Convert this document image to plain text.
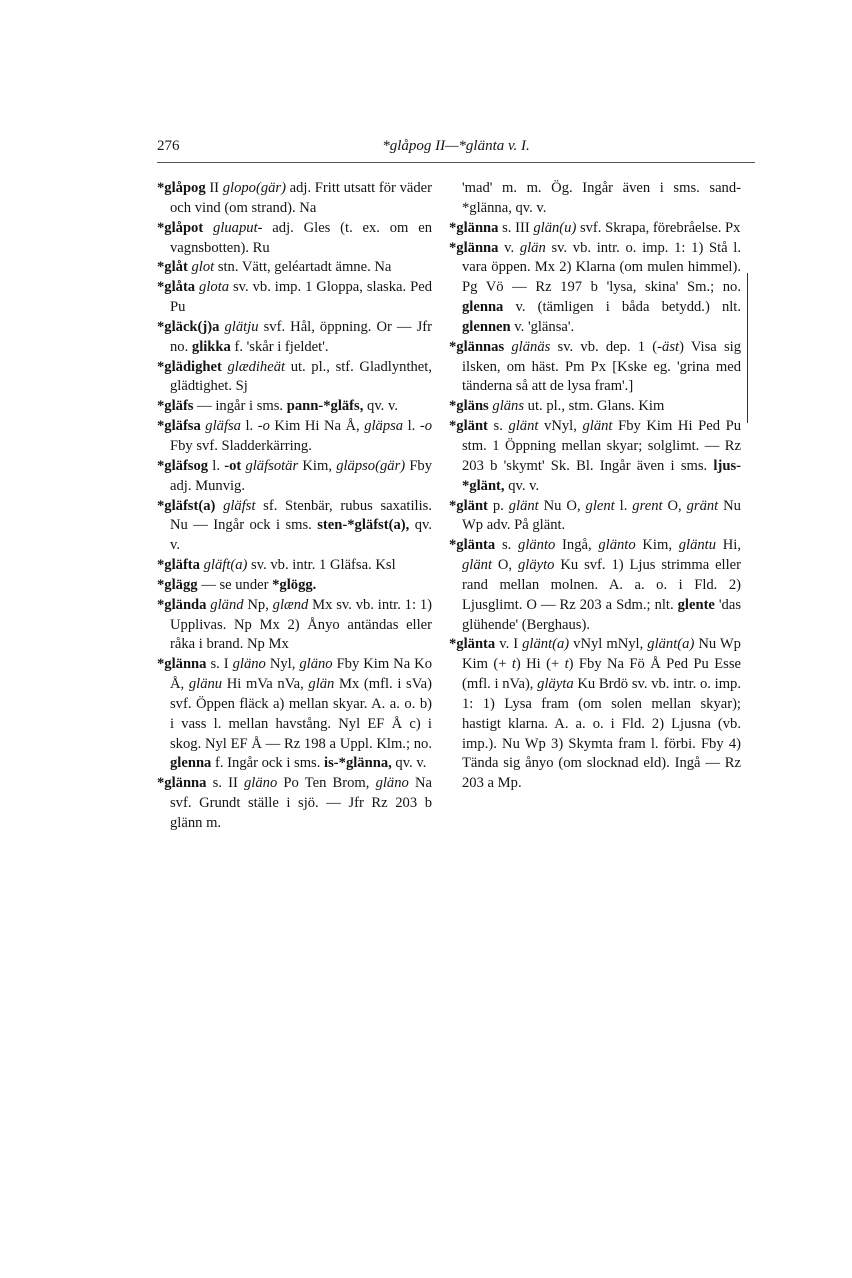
276	*glåpog II—*glänta v. I.

*glåpog II glopo(gär) adj. Fritt utsatt för väder och vind (om strand). Na

*glåpot gluaput- adj. Gles (t. ex. om en vagnsbotten). Ru

*glåt glot stn. Vätt, geléartadt ämne. Na

*glåta glota sv. vb. imp. 1 Gloppa, slaska. Ped Pu

*gläck(j)a glätju svf. Hål, öppning. Or — Jfr no. glikka f. 'skår i fjeldet'.

*glädighet glædiheät ut. pl., stf. Gladlynthet, glädtighet. Sj

*gläfs — ingår i sms. pann-*gläfs, qv. v.

*gläfsa gläfsa l. -o Kim Hi Na Å, gläpsa l. -o Fby svf. Sladderkärring.

*gläfsog l. -ot gläfsotär Kim, gläpso(gär) Fby adj. Munvig.

*gläfst(a) gläfst sf. Stenbär, rubus saxatilis. Nu — Ingår ock i sms. sten-*gläfst(a), qv. v.

*gläfta gläft(a) sv. vb. intr. 1 Gläfsa. Ksl

*glägg — se under *glögg.

*glända gländ Np, glænd Mx sv. vb. intr. 1: 1) Upplivas. Np Mx 2) Ånyo antändas eller råka i brand. Np Mx

*glänna s. I gläno Nyl, gläno Fby Kim Na Ko Å, glänu Hi mVa nVa, glän Mx (mfl. i sVa) svf. Öppen fläck a) mellan skyar. A. a. o. b) i vass l. mellan havstång. Nyl EF Å c) i skog. Nyl EF Å — Rz 198 a Uppl. Klm.; no. glenna f. Ingår ock i sms. is-*glänna, qv. v.

*glänna s. II gläno Po Ten Brom, gläno Na svf. Grundt ställe i sjö. — Jfr Rz 203 b glänn m.

'mad' m. m. Ög. Ingår även i sms. sand-*glänna, qv. v.

*glänna s. III glän(u) svf. Skrapa, förebråelse. Px

*glänna v. glän sv. vb. intr. o. imp. 1: 1) Stå l. vara öppen. Mx 2) Klarna (om mulen himmel). Pg Vö — Rz 197 b 'lysa, skina' Sm.; no. glenna v. (tämligen i båda betydd.) nlt. glennen v. 'glänsa'.

*glännas glänäs sv. vb. dep. 1 (-äst) Visa sig ilsken, om häst. Pm Px [Kske eg. 'grina med tänderna så att de lysa fram'.]

*gläns gläns ut. pl., stm. Glans. Kim

*glänt s. glänt vNyl, glänt Fby Kim Hi Ped Pu stm. 1 Öppning mellan skyar; solglimt. — Rz 203 b 'skymt' Sk. Bl. Ingår även i sms. ljus-*glänt, qv. v.

*glänt p. glänt Nu O, glent l. grent O, gränt Nu Wp adv. På glänt.

*glänta s. glänto Ingå, glänto Kim, gläntu Hi, glänt O, gläyto Ku svf. 1) Ljus strimma eller rand mellan molnen. A. a. o. i Fld. 2) Ljusglimt. O — Rz 203 a Sdm.; nlt. glente 'das glühende' (Berghaus).

*glänta v. I glänt(a) vNyl mNyl, glänt(a) Nu Wp Kim (+ t) Hi (+ t) Fby Na Fö Å Ped Pu Esse (mfl. i nVa), gläyta Ku Brdö sv. vb. intr. o. imp. 1: 1) Lysa fram (om solen mellan skyar); hastigt klarna. A. a. o. i Fld. 2) Ljusna (vb. imp.). Nu Wp 3) Skymta fram l. förbi. Fby 4) Tända sig ånyo (om slocknad eld). Ingå — Rz 203 a Mp.
